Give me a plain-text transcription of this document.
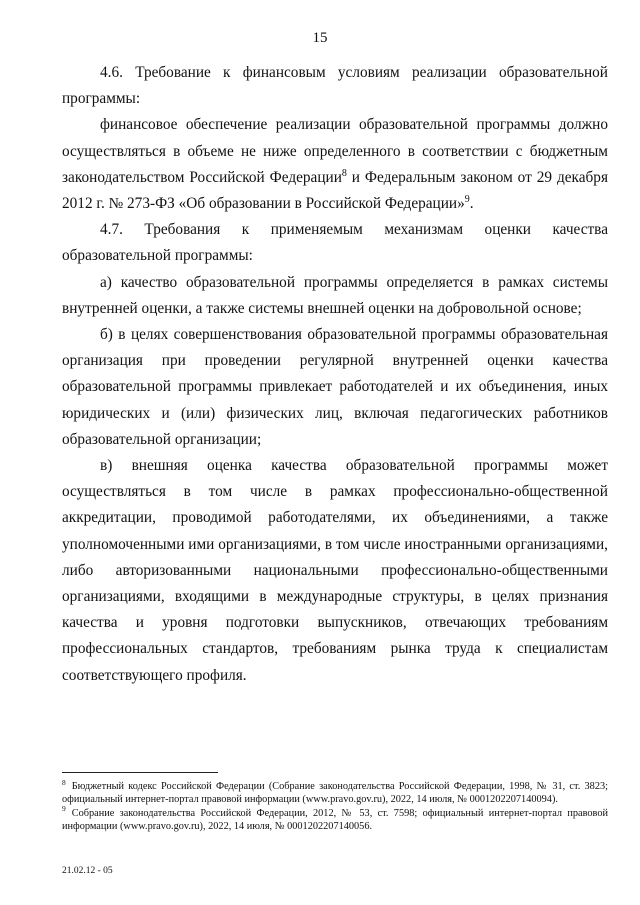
15

4.6. Требование к финансовым условиям реализации образовательной программы:

финансовое обеспечение реализации образовательной программы должно осуществляться в объеме не ниже определенного в соответствии с бюджетным законодательством Российской Федерации$^8$ и Федеральным законом от 29 декабря 2012 г. № 273-ФЗ «Об образовании в Российской Федерации»$^9$.

4.7. Требования к применяемым механизмам оценки качества образовательной программы:

а) качество образовательной программы определяется в рамках системы внутренней оценки, а также системы внешней оценки на добровольной основе;

б) в целях совершенствования образовательной программы образовательная организация при проведении регулярной внутренней оценки качества образовательной программы привлекает работодателей и их объединения, иных юридических и (или) физических лиц, включая педагогических работников образовательной организации;

в) внешняя оценка качества образовательной программы может осуществляться в том числе в рамках профессионально-общественной аккредитации, проводимой работодателями, их объединениями, а также уполномоченными ими организациями, в том числе иностранными организациями, либо авторизованными национальными профессионально-общественными организациями, входящими в международные структуры, в целях признания качества и уровня подготовки выпускников, отвечающих требованиям профессиональных стандартов, требованиям рынка труда к специалистам соответствующего профиля.

$^8$ Бюджетный кодекс Российской Федерации (Собрание законодательства Российской Федерации, 1998, № 31, ст. 3823; официальный интернет-портал правовой информации (www.pravo.gov.ru), 2022, 14 июля, № 0001202207140094).

$^9$ Собрание законодательства Российской Федерации, 2012, № 53, ст. 7598; официальный интернет-портал правовой информации (www.pravo.gov.ru), 2022, 14 июля, № 0001202207140056.

21.02.12 - 05
